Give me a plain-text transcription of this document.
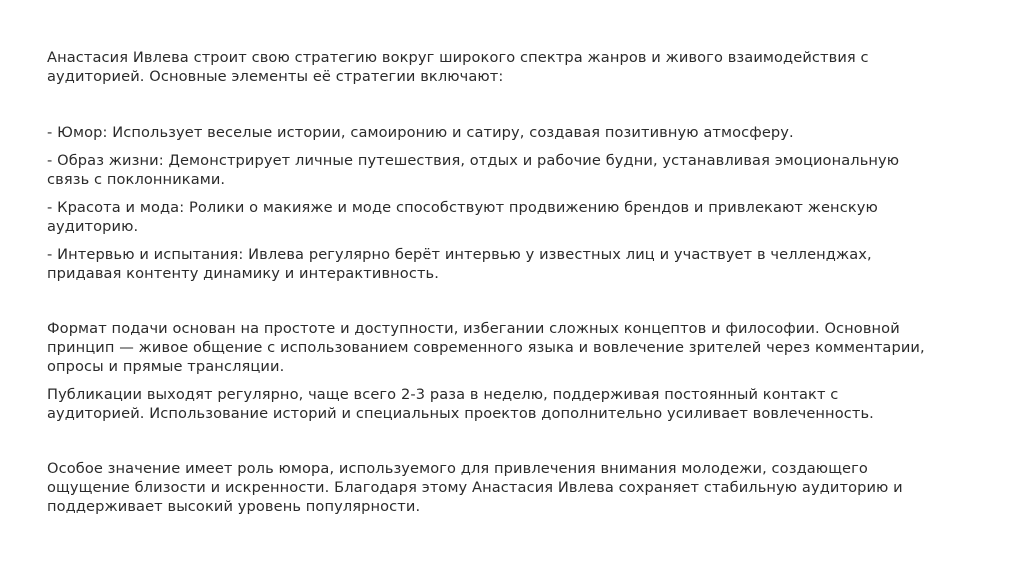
Анастасия Ивлева строит свою стратегию вокруг широкого спектра жанров и живого взаимодействия с аудиторией. Основные элементы её стратегии включают:

- Юмор: Использует веселые истории, самоиронию и сатиру, создавая позитивную атмосферу.

- Образ жизни: Демонстрирует личные путешествия, отдых и рабочие будни, устанавливая эмоциональную связь с поклонниками.

- Красота и мода: Ролики о макияже и моде способствуют продвижению брендов и привлекают женскую аудиторию.

- Интервью и испытания: Ивлева регулярно берёт интервью у известных лиц и участвует в челленджах, придавая контенту динамику и интерактивность.

Формат подачи основан на простоте и доступности, избегании сложных концептов и философии. Основной принцип — живое общение с использованием современного языка и вовлечение зрителей через комментарии, опросы и прямые трансляции.

Публикации выходят регулярно, чаще всего 2-3 раза в неделю, поддерживая постоянный контакт с аудиторией. Использование историй и специальных проектов дополнительно усиливает вовлеченность.

Особое значение имеет роль юмора, используемого для привлечения внимания молодежи, создающего ощущение близости и искренности. Благодаря этому Анастасия Ивлева сохраняет стабильную аудиторию и поддерживает высокий уровень популярности.
